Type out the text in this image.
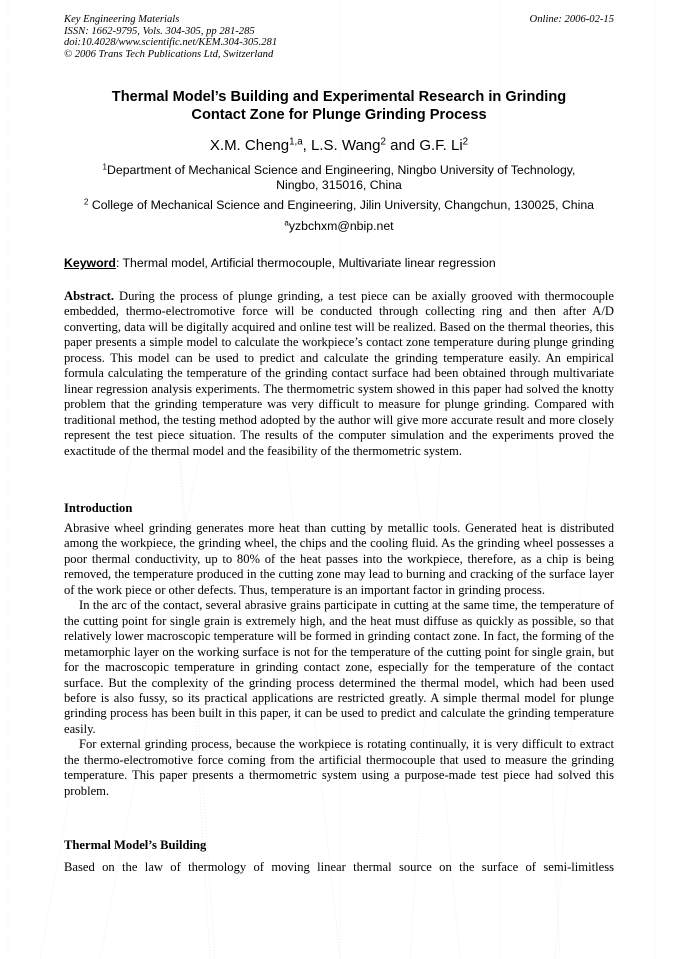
Key Engineering Materials
ISSN: 1662-9795, Vols. 304-305, pp 281-285
doi:10.4028/www.scientific.net/KEM.304-305.281
© 2006 Trans Tech Publications Ltd, Switzerland
Online: 2006-02-15
Thermal Model’s Building and Experimental Research in Grinding
Contact Zone for Plunge Grinding Process
X.M. Cheng$^{1,a}$, L.S. Wang$^2$ and G.F. Li$^2$
$^1$Department of Mechanical Science and Engineering, Ningbo University of Technology,
Ningbo, 315016, China
$^2$ College of Mechanical Science and Engineering, Jilin University, Changchun, 130025, China
$^a$yzbchxm@nbip.net
Keyword: Thermal model, Artificial thermocouple, Multivariate linear regression

Abstract. During the process of plunge grinding, a test piece can be axially grooved with thermocouple embedded, thermo-electromotive force will be conducted through collecting ring and then after A/D converting, data will be digitally acquired and online test will be realized. Based on the thermal theories, this paper presents a simple model to calculate the workpiece’s contact zone temperature during plunge grinding process. This model can be used to predict and calculate the grinding temperature easily. An empirical formula calculating the temperature of the grinding contact surface had been obtained through multivariate linear regression analysis experiments. The thermometric system showed in this paper had solved the knotty problem that the grinding temperature was very difficult to measure for plunge grinding. Compared with traditional method, the testing method adopted by the author will give more accurate result and more closely represent the test piece situation. The results of the computer simulation and the experiments proved the exactitude of the thermal model and the feasibility of the thermometric system.

Introduction

Abrasive wheel grinding generates more heat than cutting by metallic tools. Generated heat is distributed among the workpiece, the grinding wheel, the chips and the cooling fluid. As the grinding wheel possesses a poor thermal conductivity, up to 80% of the heat passes into the workpiece, therefore, as a chip is being removed, the temperature produced in the cutting zone may lead to burning and cracking of the surface layer of the work piece or other defects. Thus, temperature is an important factor in grinding process.

In the arc of the contact, several abrasive grains participate in cutting at the same time, the temperature of the cutting point for single grain is extremely high, and the heat must diffuse as quickly as possible, so that relatively lower macroscopic temperature will be formed in grinding contact zone. In fact, the forming of the metamorphic layer on the working surface is not for the temperature of the cutting point for single grain, but for the macroscopic temperature in grinding contact zone, especially for the temperature of the contact surface. But the complexity of the grinding process determined the thermal model, which had been used before is also fussy, so its practical applications are restricted greatly. A simple thermal model for plunge grinding process has been built in this paper, it can be used to predict and calculate the grinding temperature easily.

For external grinding process, because the workpiece is rotating continually, it is very difficult to extract the thermo-electromotive force coming from the artificial thermocouple that used to measure the grinding temperature. This paper presents a thermometric system using a purpose-made test piece had solved this problem.

Thermal Model’s Building

Based on the law of thermology of moving linear thermal source on the surface of semi-limitless
